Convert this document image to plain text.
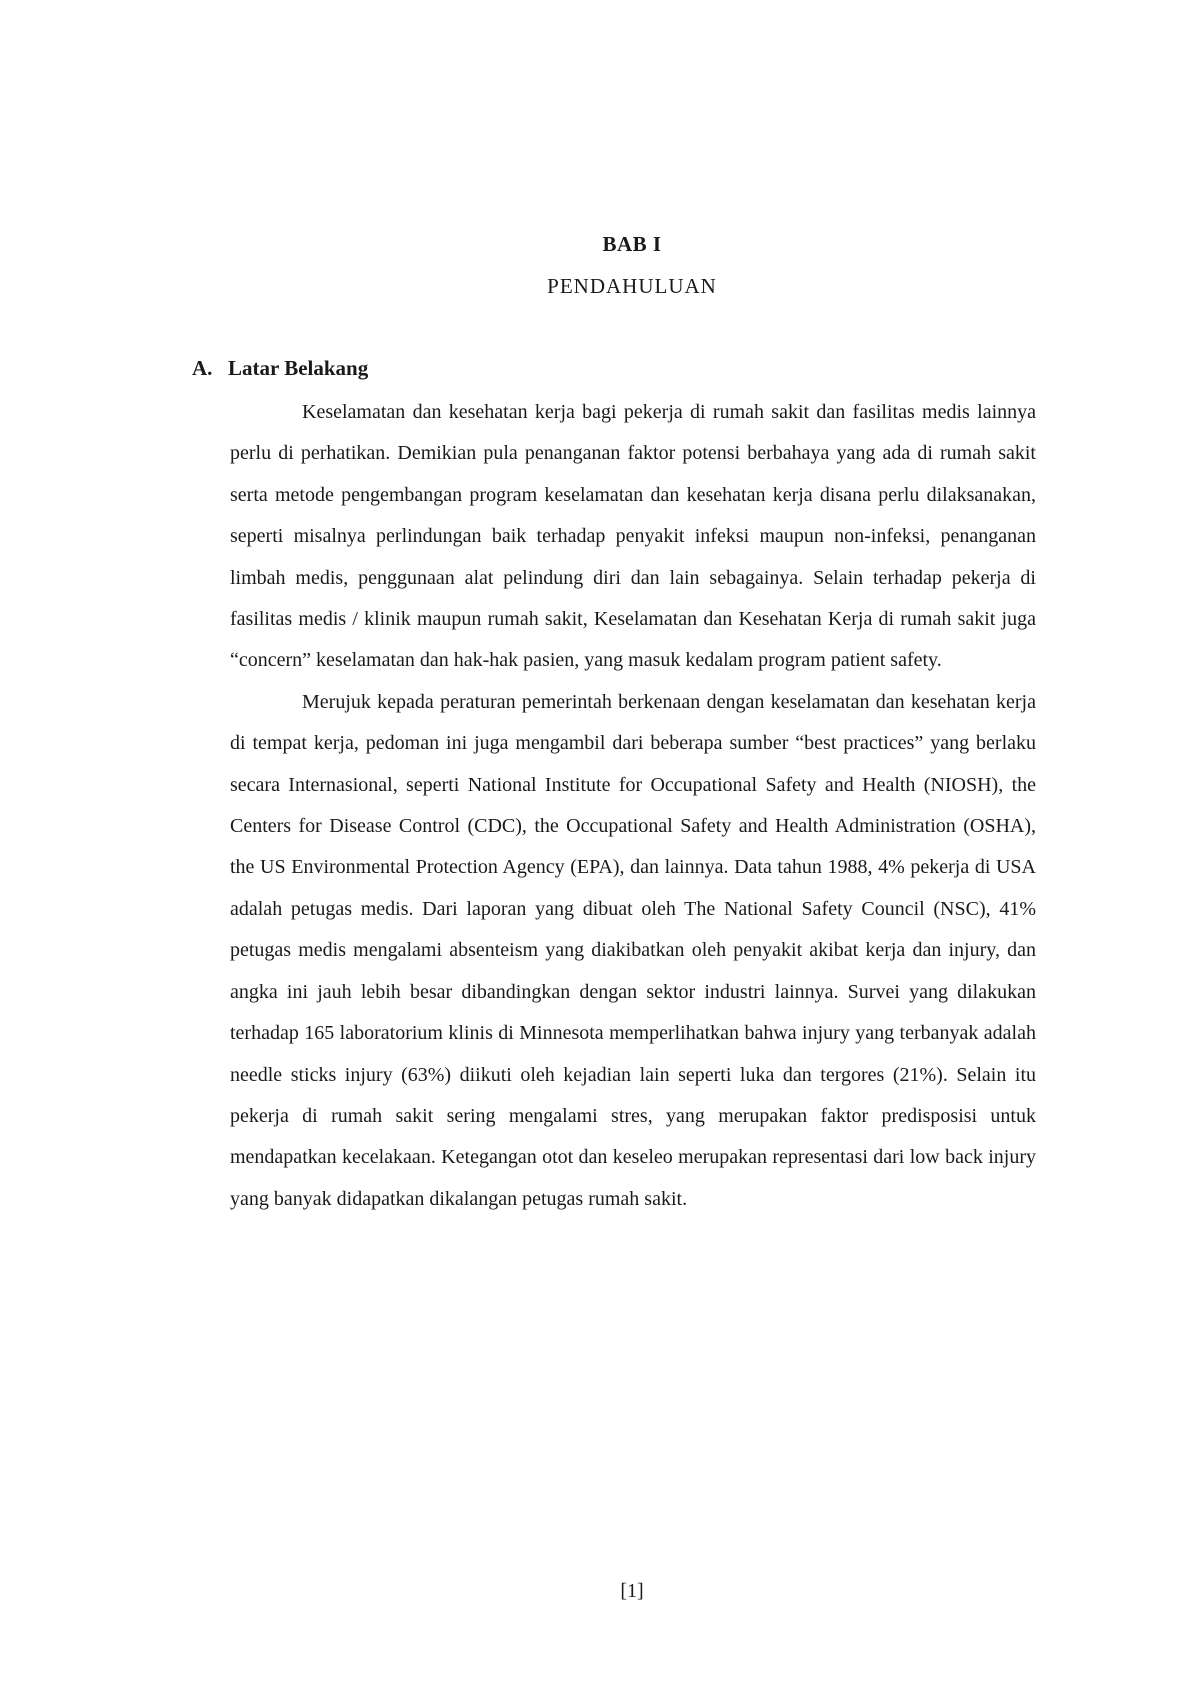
BAB I
PENDAHULUAN
A. Latar Belakang

Keselamatan dan kesehatan kerja bagi pekerja di rumah sakit dan fasilitas medis lainnya perlu di perhatikan. Demikian pula penanganan faktor potensi berbahaya yang ada di rumah sakit serta metode pengembangan program keselamatan dan kesehatan kerja disana perlu dilaksanakan, seperti misalnya perlindungan baik terhadap penyakit infeksi maupun non-infeksi, penanganan limbah medis, penggunaan alat pelindung diri dan lain sebagainya. Selain terhadap pekerja di fasilitas medis / klinik maupun rumah sakit, Keselamatan dan Kesehatan Kerja di rumah sakit juga “concern” keselamatan dan hak-hak pasien, yang masuk kedalam program patient safety.

Merujuk kepada peraturan pemerintah berkenaan dengan keselamatan dan kesehatan kerja di tempat kerja, pedoman ini juga mengambil dari beberapa sumber “best practices” yang berlaku secara Internasional, seperti National Institute for Occupational Safety and Health (NIOSH), the Centers for Disease Control (CDC), the Occupational Safety and Health Administration (OSHA), the US Environmental Protection Agency (EPA), dan lainnya. Data tahun 1988, 4% pekerja di USA adalah petugas medis. Dari laporan yang dibuat oleh The National Safety Council (NSC), 41% petugas medis mengalami absenteism yang diakibatkan oleh penyakit akibat kerja dan injury, dan angka ini jauh lebih besar dibandingkan dengan sektor industri lainnya. Survei yang dilakukan terhadap 165 laboratorium klinis di Minnesota memperlihatkan bahwa injury yang terbanyak adalah needle sticks injury (63%) diikuti oleh kejadian lain seperti luka dan tergores (21%). Selain itu pekerja di rumah sakit sering mengalami stres, yang merupakan faktor predisposisi untuk mendapatkan kecelakaan. Ketegangan otot dan keseleo merupakan representasi dari low back injury yang banyak didapatkan dikalangan petugas rumah sakit.

[1]
